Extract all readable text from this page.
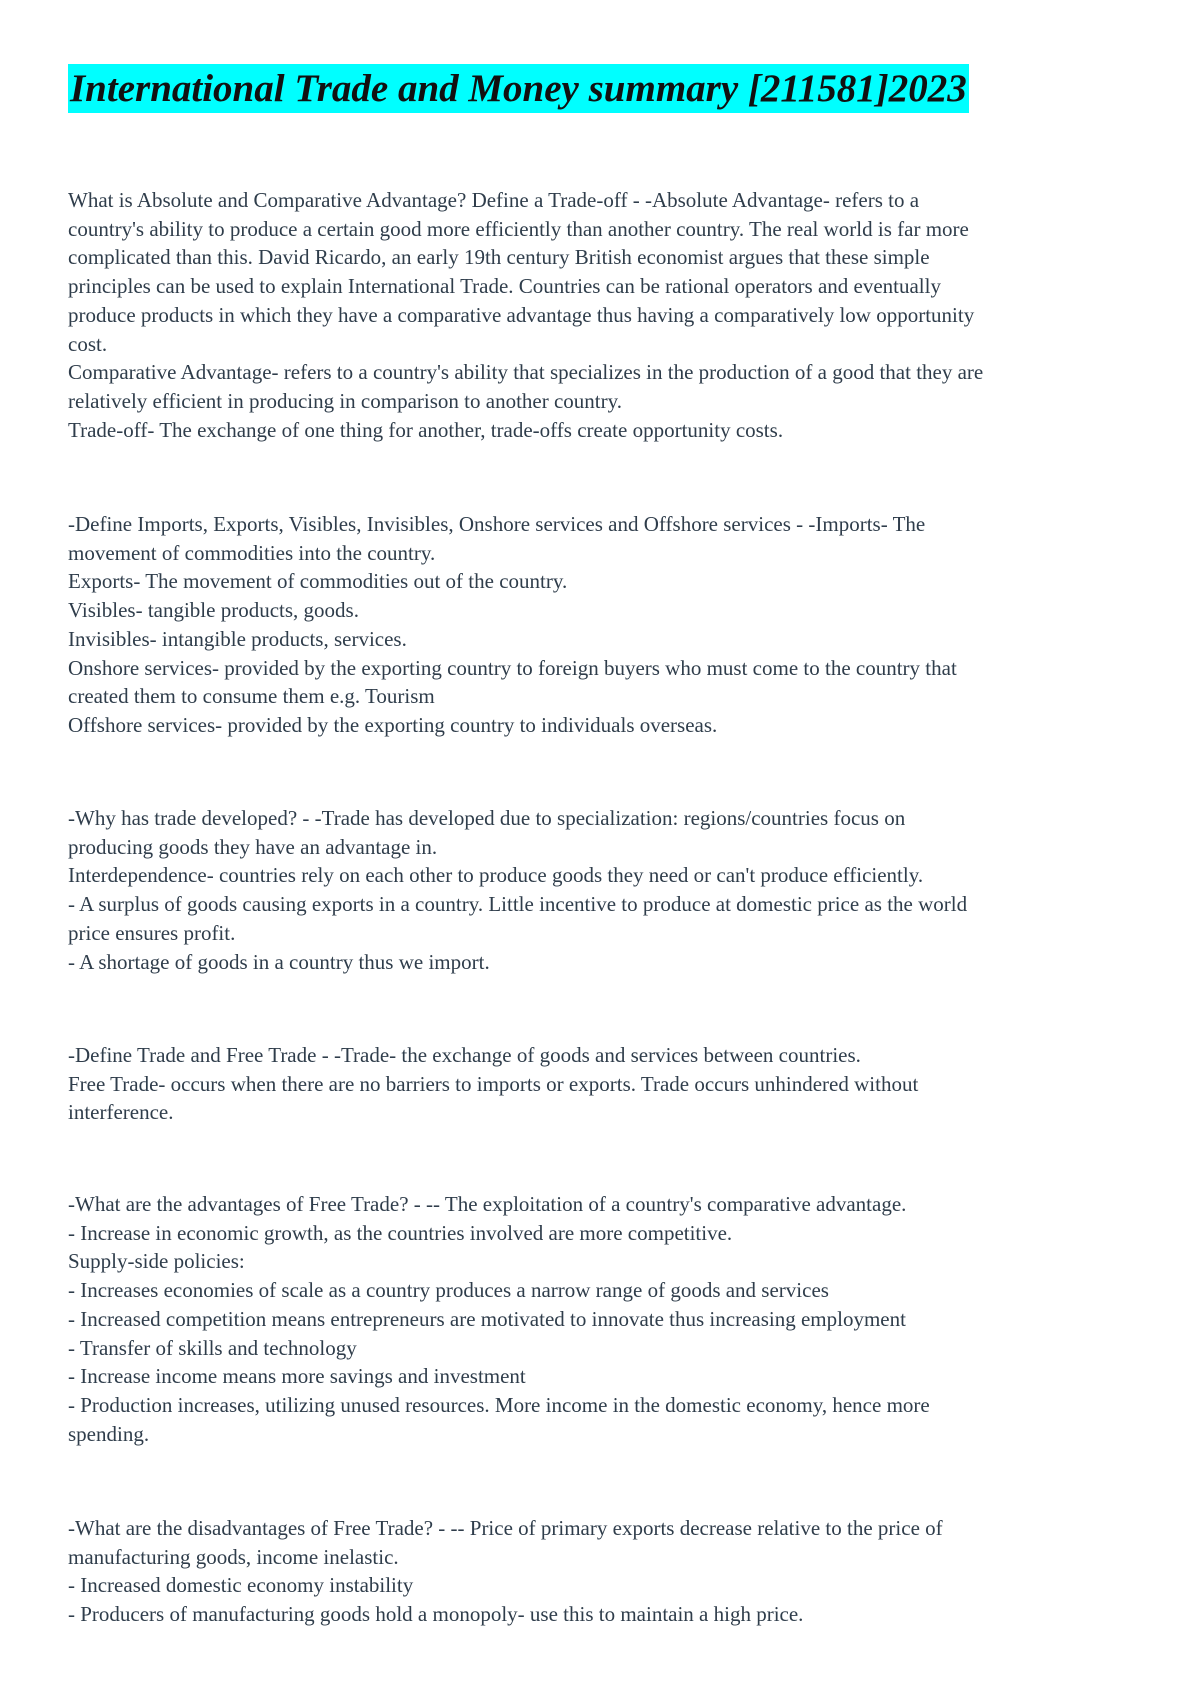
International Trade and Money summary [211581]2023
What is Absolute and Comparative Advantage? Define a Trade-off - -Absolute Advantage- refers to a
country's ability to produce a certain good more efficiently than another country. The real world is far more
complicated than this. David Ricardo, an early 19th century British economist argues that these simple
principles can be used to explain International Trade. Countries can be rational operators and eventually
produce products in which they have a comparative advantage thus having a comparatively low opportunity
cost.
Comparative Advantage- refers to a country's ability that specializes in the production of a good that they are
relatively efficient in producing in comparison to another country.
Trade-off- The exchange of one thing for another, trade-offs create opportunity costs.
-Define Imports, Exports, Visibles, Invisibles, Onshore services and Offshore services - -Imports- The
movement of commodities into the country.
Exports- The movement of commodities out of the country.
Visibles- tangible products, goods.
Invisibles- intangible products, services.
Onshore services- provided by the exporting country to foreign buyers who must come to the country that
created them to consume them e.g. Tourism
Offshore services- provided by the exporting country to individuals overseas.
-Why has trade developed? - -Trade has developed due to specialization: regions/countries focus on
producing goods they have an advantage in.
Interdependence- countries rely on each other to produce goods they need or can't produce efficiently.
- A surplus of goods causing exports in a country. Little incentive to produce at domestic price as the world
price ensures profit.
- A shortage of goods in a country thus we import.
-Define Trade and Free Trade - -Trade- the exchange of goods and services between countries.
Free Trade- occurs when there are no barriers to imports or exports. Trade occurs unhindered without
interference.
-What are the advantages of Free Trade? - -- The exploitation of a country's comparative advantage.
- Increase in economic growth, as the countries involved are more competitive.
Supply-side policies:
- Increases economies of scale as a country produces a narrow range of goods and services
- Increased competition means entrepreneurs are motivated to innovate thus increasing employment
- Transfer of skills and technology
- Increase income means more savings and investment
- Production increases, utilizing unused resources. More income in the domestic economy, hence more
spending.
-What are the disadvantages of Free Trade? - -- Price of primary exports decrease relative to the price of
manufacturing goods, income inelastic.
- Increased domestic economy instability
- Producers of manufacturing goods hold a monopoly- use this to maintain a high price.
